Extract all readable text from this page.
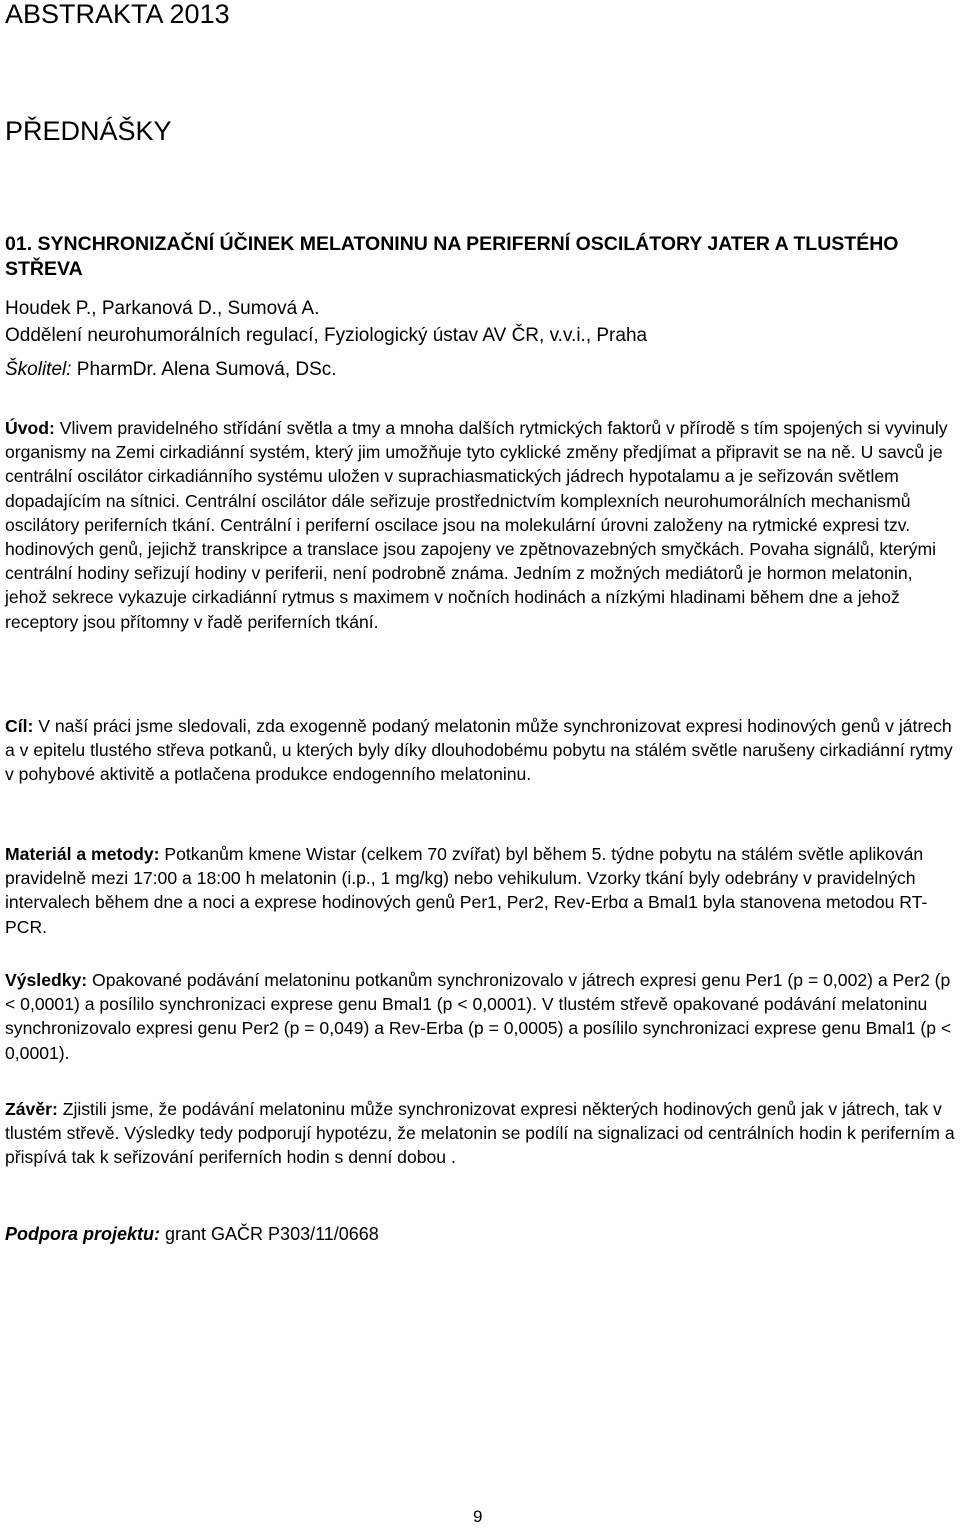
ABSTRAKTA 2013
PŘEDNÁŠKY
01. SYNCHRONIZAČNÍ ÚČINEK MELATONINU NA PERIFERNÍ OSCILÁTORY JATER A TLUSTÉHO STŘEVA

Houdek P., Parkanová D., Sumová A.

Oddělení neurohumorálních regulací, Fyziologický ústav AV ČR, v.v.i., Praha

Školitel: PharmDr. Alena Sumová, DSc.

Úvod: Vlivem pravidelného střídání světla a tmy a mnoha dalších rytmických faktorů v přírodě s tím spojených si vyvinuly organismy na Zemi cirkadiánní systém, který jim umožňuje tyto cyklické změny předjímat a připravit se na ně. U savců je centrální oscilátor cirkadiánního systému uložen v suprachiasmatických jádrech hypotalamu a je seřizován světlem dopadajícím na sítnici. Centrální oscilátor dále seřizuje prostřednictvím komplexních neurohumorálních mechanismů oscilátory periferních tkání. Centrální i periferní oscilace jsou na molekulární úrovni založeny na rytmické expresi tzv. hodinových genů, jejichž transkripce a translace jsou zapojeny ve zpětnovazebných smyčkách. Povaha signálů, kterými centrální hodiny seřizují hodiny v periferii, není podrobně známa. Jedním z možných mediátorů je hormon melatonin, jehož sekrece vykazuje cirkadiánní rytmus s maximem v nočních hodinách a nízkými hladinami během dne a jehož receptory jsou přítomny v řadě periferních tkání.

Cíl: V naší práci jsme sledovali, zda exogenně podaný melatonin může synchronizovat expresi hodinových genů v játrech a v epitelu tlustého střeva potkanů, u kterých byly díky dlouhodobému pobytu na stálém světle narušeny cirkadiánní rytmy v pohybové aktivitě a potlačena produkce endogenního melatoninu.

Materiál a metody: Potkanům kmene Wistar (celkem 70 zvířat) byl během 5. týdne pobytu na stálém světle aplikován pravidelně mezi 17:00 a 18:00 h melatonin (i.p., 1 mg/kg) nebo vehikulum. Vzorky tkání byly odebrány v pravidelných intervalech během dne a noci a exprese hodinových genů Per1, Per2, Rev-Erbα a Bmal1 byla stanovena metodou RT-PCR.

Výsledky: Opakované podávání melatoninu potkanům synchronizovalo v játrech expresi genu Per1 (p = 0,002) a Per2 (p < 0,0001) a posílilo synchronizaci exprese genu Bmal1 (p < 0,0001). V tlustém střevě opakované podávání melatoninu synchronizovalo expresi genu Per2 (p = 0,049) a Rev-Erba (p = 0,0005) a posílilo synchronizaci exprese genu Bmal1 (p < 0,0001).

Závěr: Zjistili jsme, že podávání melatoninu může synchronizovat expresi některých hodinových genů jak v játrech, tak v tlustém střevě. Výsledky tedy podporují hypotézu, že melatonin se podílí na signalizaci od centrálních hodin k periferním a přispívá tak k seřizování periferních hodin s denní dobou .

Podpora projektu: grant GAČR P303/11/0668

9
